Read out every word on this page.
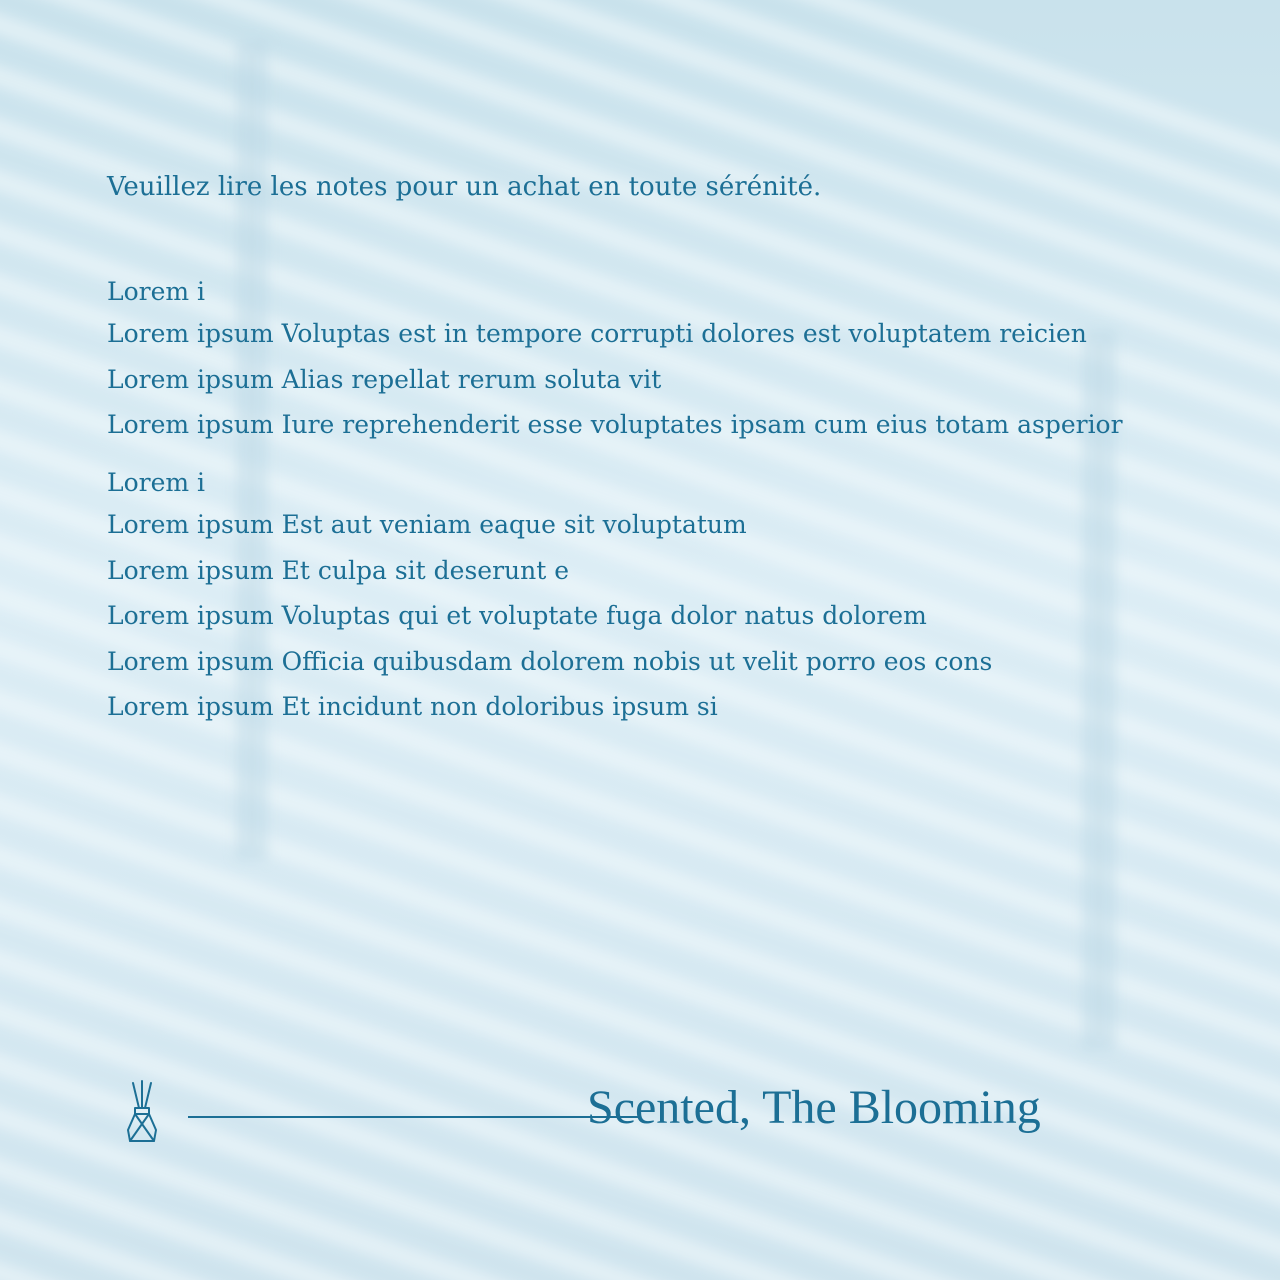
Veuillez lire les notes pour un achat en toute sérénité.
Lorem i
Lorem ipsum Voluptas est in tempore corrupti dolores est voluptatem reicien
Lorem ipsum Alias repellat rerum soluta vit
Lorem ipsum Iure reprehenderit esse voluptates ipsam cum eius totam asperior
Lorem i
Lorem ipsum Est aut veniam eaque sit voluptatum
Lorem ipsum Et culpa sit deserunt e
Lorem ipsum Voluptas qui et voluptate fuga dolor natus dolorem
Lorem ipsum Officia quibusdam dolorem nobis ut velit porro eos cons
Lorem ipsum Et incidunt non doloribus ipsum si
Scented, The Blooming
